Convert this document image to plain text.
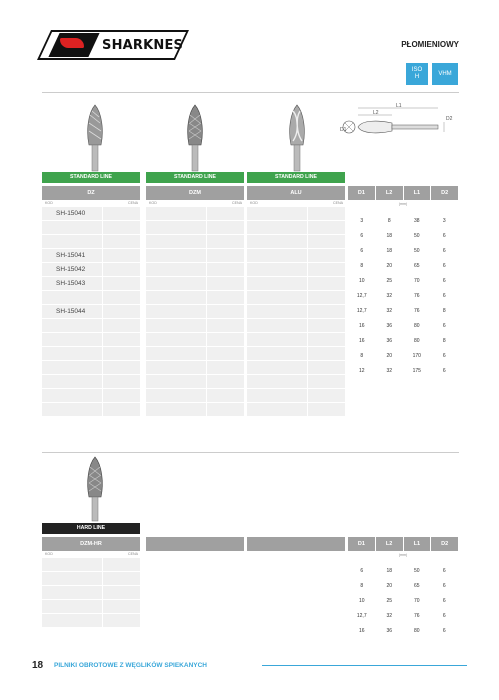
SHARKNES	PŁOMIENIOWY
ISO
H
VHM
L1
L2
D1
D2
STANDARD LINE
DZ
KOD	CENA
SH-15040
SH-15041
SH-15042
SH-15043
SH-15044
STANDARD LINE
DZM
KOD	CENA
STANDARD LINE
ALU
KOD	CENA
D1	L2	L1	D2
(mm)
3	8	38	3
6	18	50	6
6	18	50	6
8	20	65	6
10	25	70	6
12,7	32	76	6
12,7	32	76	8
16	36	80	6
16	36	80	8
8	20	170	6
12	32	175	6
HARD LINE
DZM-HR
KOD	CENA
D1	L2	L1	D2
(mm)
6	18	50	6
8	20	65	6
10	25	70	6
12,7	32	76	6
16	36	80	6
18 PILNIKI OBROTOWE Z WĘGLIKÓW SPIEKANYCH
